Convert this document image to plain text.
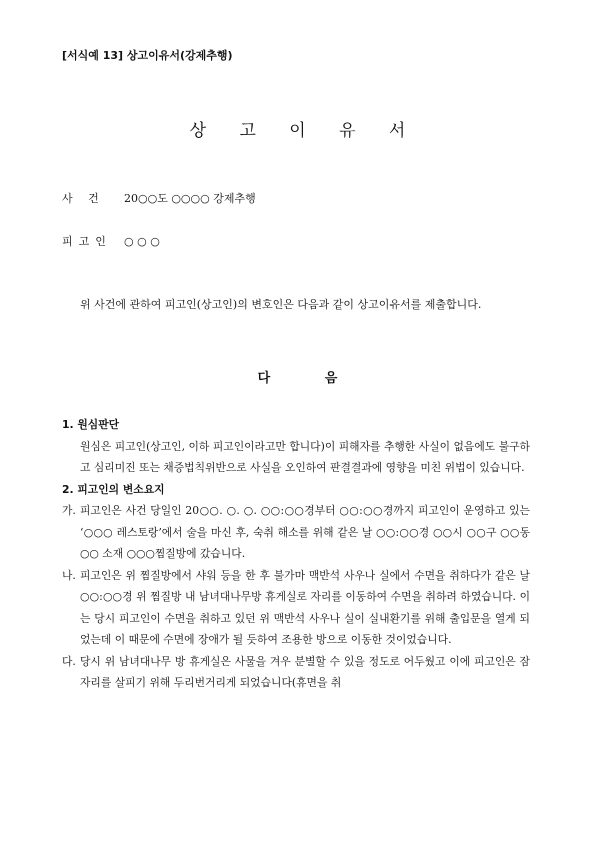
[서식예 13] 상고이유서(강제추행)
상 고 이 유 서
사 건 20○○도 ○○○○ 강제추행
피고인 ○ ○ ○
위 사건에 관하여 피고인(상고인)의 변호인은 다음과 같이 상고이유서를 제출합니다.
다 음
1. 원심판단
원심은 피고인(상고인, 이하 피고인이라고만 합니다)이 피해자를 추행한 사실이 없음에도 불구하고 심리미진 또는 채증법칙위반으로 사실을 오인하여 판결결과에 영향을 미친 위법이 있습니다.
2. 피고인의 변소요지
가. 피고인은 사건 당일인 20○○. ○. ○. ○○:○○경부터 ○○:○○경까지 피고인이 운영하고 있는 ‘○○○ 레스토랑’에서 술을 마신 후, 숙취 해소를 위해 같은 날 ○○:○○경 ○○시 ○○구 ○○동 ○○ 소재 ○○○찜질방에 갔습니다.
나. 피고인은 위 찜질방에서 샤워 등을 한 후 불가마 맥반석 사우나 실에서 수면을 취하다가 같은 날 ○○:○○경 위 찜질방 내 남녀대나무방 휴게실로 자리를 이동하여 수면을 취하려 하였습니다. 이는 당시 피고인이 수면을 취하고 있던 위 맥반석 사우나 실이 실내환기를 위해 출입문을 열게 되었는데 이 때문에 수면에 장애가 될 듯하여 조용한 방으로 이동한 것이었습니다.
다. 당시 위 남녀대나무 방 휴게실은 사물을 겨우 분별할 수 있을 정도로 어두웠고 이에 피고인은 잠자리를 살피기 위해 두리번거리게 되었습니다(휴면을 취
